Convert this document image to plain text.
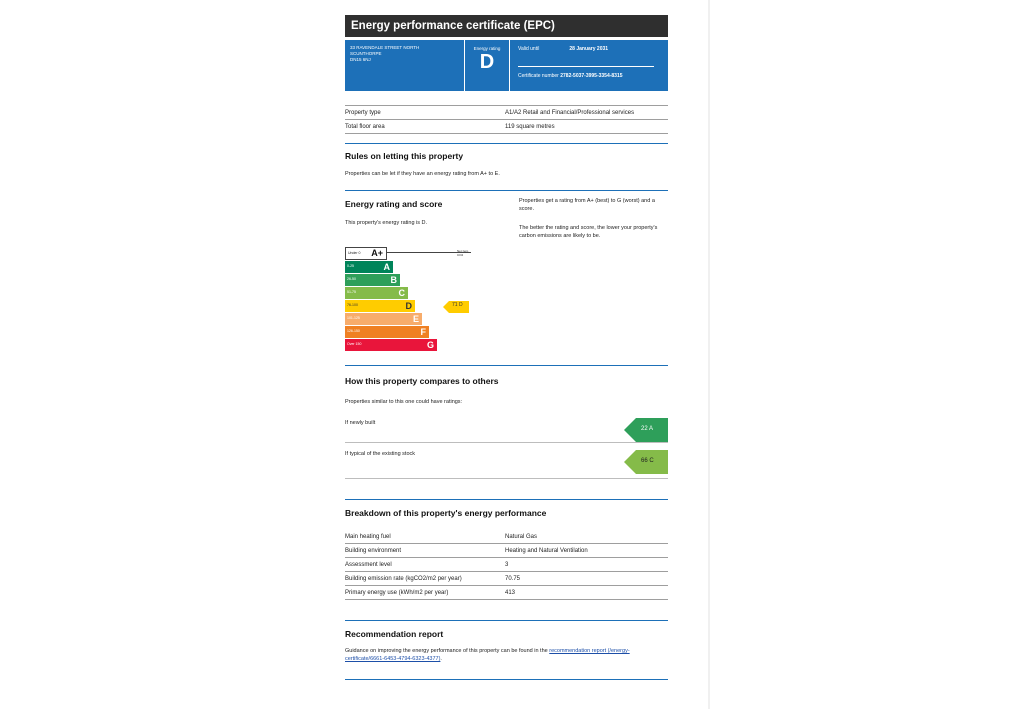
Energy performance certificate (EPC)
33 RAVENDALE STREET NORTH
SCUNTHORPE
DN15 6NJ
Energy rating
D
Valid until	28 January 2031
Certificate number 2782-5037-3995-3354-8315
Property type	A1/A2 Retail and Financial/Professional services
Total floor area	119 square metres
Rules on letting this property
Properties can be let if they have an energy rating from A+ to E.
Energy rating and score
This property's energy rating is D.
Properties get a rating from A+ (best) to G (worst) and a score.
The better the rating and score, the lower your property's carbon emissions are likely to be.
Under 0 A+	Net zero CO2
0-25	A
26-50	B
51-75	C
76-100	D
101-125	E
126-150	F
Over 150	G
71 D
How this property compares to others
Properties similar to this one could have ratings:
If newly built
22 A
If typical of the existing stock
66 C
Breakdown of this property's energy performance
Main heating fuel	Natural Gas
Building environment	Heating and Natural Ventilation
Assessment level	3
Building emission rate (kgCO2/m2 per year)	70.75
Primary energy use (kWh/m2 per year)	413
Recommendation report
Guidance on improving the energy performance of this property can be found in the recommendation report (/energy-certificate/6661-6453-4794-6323-4377).
